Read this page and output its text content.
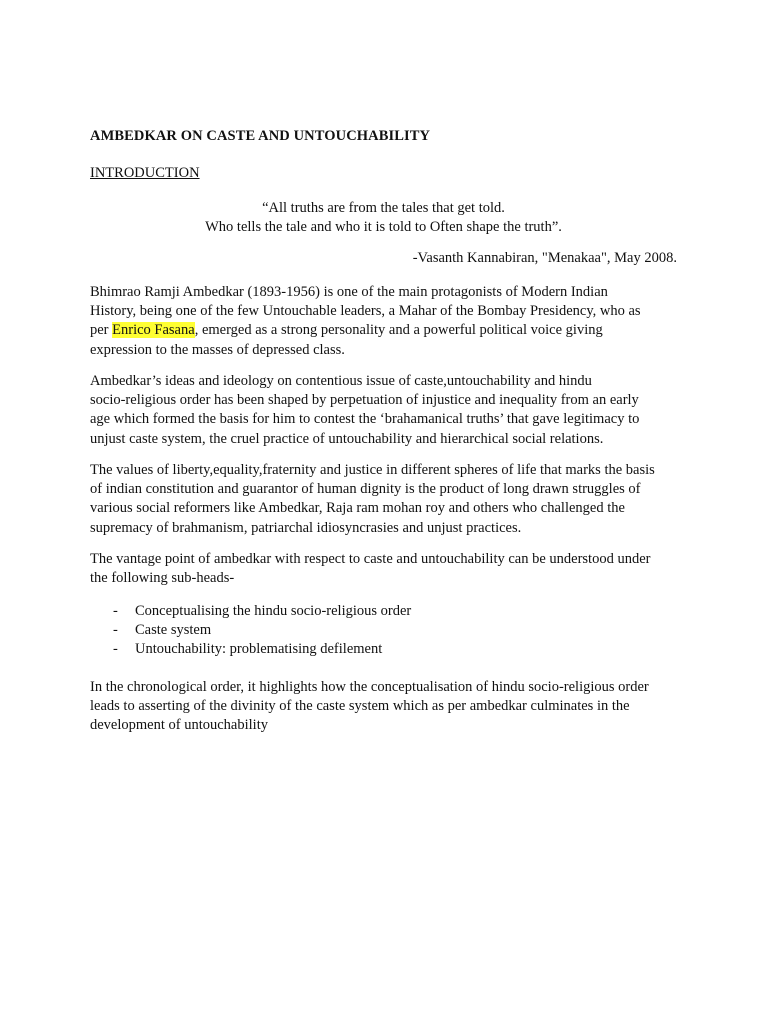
AMBEDKAR ON CASTE AND UNTOUCHABILITY
INTRODUCTION
“All truths are from the tales that get told.
Who tells the tale and who it is told to Often shape the truth”.
-Vasanth Kannabiran, "Menakaa", May 2008.

Bhimrao Ramji Ambedkar (1893-1956) is one of the main protagonists of Modern Indian
History, being one of the few Untouchable leaders, a Mahar of the Bombay Presidency, who as
per Enrico Fasana, emerged as a strong personality and a powerful political voice giving
expression to the masses of depressed class.

Ambedkar’s ideas and ideology on contentious issue of caste,untouchability and hindu
socio-religious order has been shaped by perpetuation of injustice and inequality from an early
age which formed the basis for him to contest the ‘brahamanical truths’ that gave legitimacy to
unjust caste system, the cruel practice of untouchability and hierarchical social relations.

The values of liberty,equality,fraternity and justice in different spheres of life that marks the basis
of indian constitution and guarantor of human dignity is the product of long drawn struggles of
various social reformers like Ambedkar, Raja ram mohan roy and others who challenged the
supremacy of brahmanism, patriarchal idiosyncrasies and unjust practices.

The vantage point of ambedkar with respect to caste and untouchability can be understood under
the following sub-heads-

- Conceptualising the hindu socio-religious order
- Caste system
- Untouchability: problematising defilement

In the chronological order, it highlights how the conceptualisation of hindu socio-religious order
leads to asserting of the divinity of the caste system which as per ambedkar culminates in the
development of untouchability
